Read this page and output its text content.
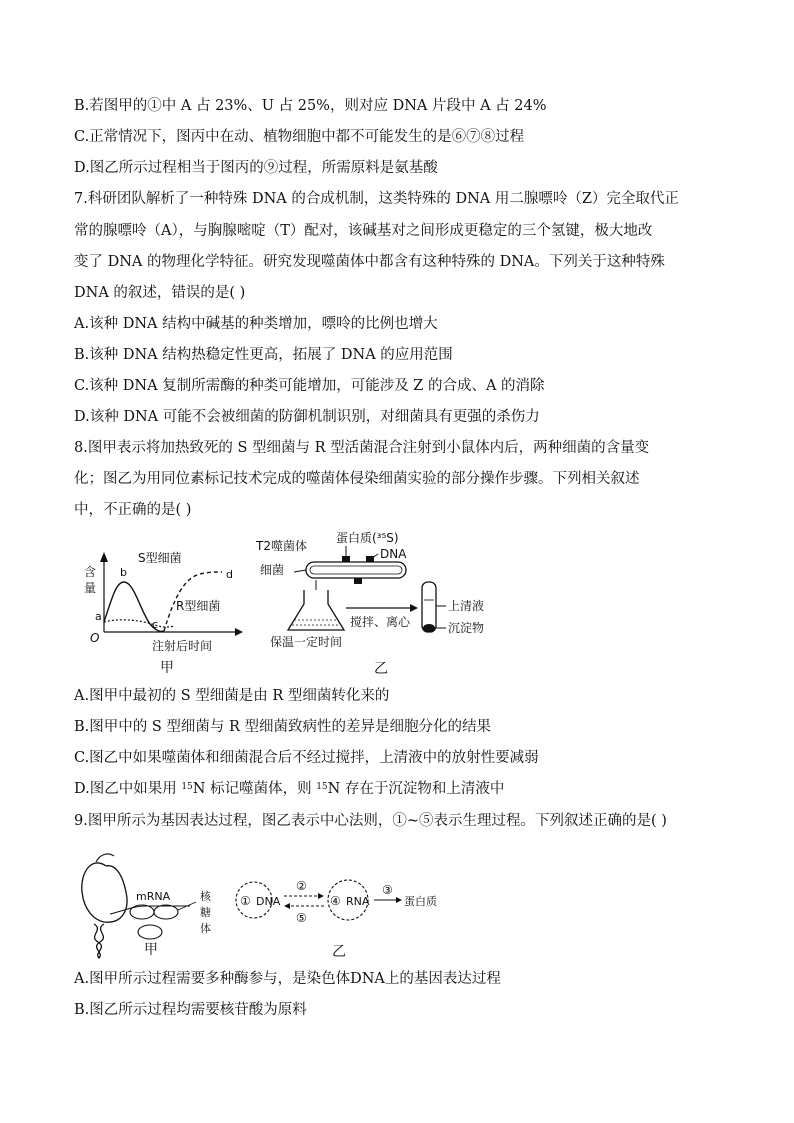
B.若图甲的①中 A 占 23%、U 占 25%，则对应 DNA 片段中 A 占 24%
C.正常情况下，图丙中在动、植物细胞中都不可能发生的是⑥⑦⑧过程
D.图乙所示过程相当于图丙的⑨过程，所需原料是氨基酸
7.科研团队解析了一种特殊 DNA 的合成机制，这类特殊的 DNA 用二腺嘌呤（Z）完全取代正
常的腺嘌呤（A），与胸腺嘧啶（T）配对，该碱基对之间形成更稳定的三个氢键，极大地改
变了 DNA 的物理化学特征。研究发现噬菌体中都含有这种特殊的 DNA。下列关于这种特殊
DNA 的叙述，错误的是( )
A.该种 DNA 结构中碱基的种类增加，嘌呤的比例也增大
B.该种 DNA 结构热稳定性更高，拓展了 DNA 的应用范围
C.该种 DNA 复制所需酶的种类可能增加，可能涉及 Z 的合成、A 的消除
D.该种 DNA 可能不会被细菌的防御机制识别，对细菌具有更强的杀伤力
8.图甲表示将加热致死的 S 型细菌与 R 型活菌混合注射到小鼠体内后，两种细菌的含量变
化；图乙为用同位素标记技术完成的噬菌体侵染细菌实验的部分操作步骤。下列相关叙述
中，不正确的是( )
含
量
O
a
b
c
d
S型细菌
R型细菌
注射后时间
甲
T2噬菌体
蛋白质(³⁵S)
DNA
细菌
搅拌、离心
保温一定时间
上清液
沉淀物
乙
A.图甲中最初的 S 型细菌是由 R 型细菌转化来的
B.图甲中的 S 型细菌与 R 型细菌致病性的差异是细胞分化的结果
C.图乙中如果噬菌体和细菌混合后不经过搅拌，上清液中的放射性要减弱
D.图乙中如果用 $^{15}$N 标记噬菌体，则 $^{15}$N 存在于沉淀物和上清液中
9.图甲所示为基因表达过程，图乙表示中心法则，①~⑤表示生理过程。下列叙述正确的是( )
mRNA	核
糖
体
甲
① DNA
②
⑤
④ RNA
③
蛋白质
乙
A.图甲所示过程需要多种酶参与，是染色体DNA上的基因表达过程
B.图乙所示过程均需要核苷酸为原料
